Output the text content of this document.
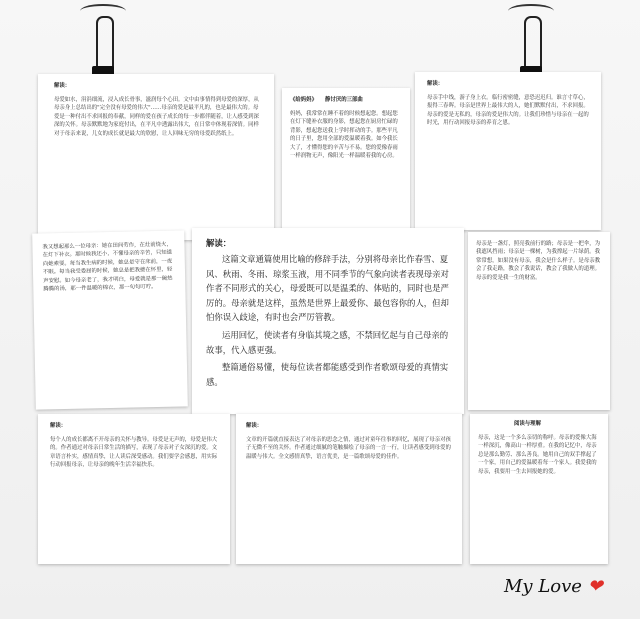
解读：
母爱如水，涓涓细流，浸入成长骨事，滋润每个心田。文中由事情得到母爱的深厚，从母亲身上总结出的"完全没有母爱的伟大"……母亲的爱是最平凡的，也是最伟大的。母爱是一种付出不求回报的奉献，同样的爱在孩子成长的每一步都伴随着，让人感受到深深的关怀。母亲默默地为家庭付出，在平凡中透露出伟大，在日常中体现着深情。同样对于母亲来说，儿女的成长就是最大的欣慰，让人回味无穷的母爱跃然纸上。
《给妈妈》　　静讨厌的三部曲
妈妈，我常常在睡不着的时候想起您。想起您在灯下缝补衣服的身影，想起您在厨房忙碌的背影，想起您送我上学时挥动的手。那些平凡的日子里，您用全部的爱温暖着我。如今我长大了，才懂得您的辛苦与不易。您的爱像春雨一样润物无声，像阳光一样温暖着我的心房。
解读：
母亲手中线，游子身上衣。临行密密缝，意恐迟迟归。谁言寸草心，报得三春晖。母亲是世界上最伟大的人，她们默默付出，不求回报。母亲的爱是无私的，母亲的爱是伟大的。让我们珍惜与母亲在一起的时光，用行动回报母亲的养育之恩。
我又想起那么一位母亲：她在田间劳作，在灶前烧火，在灯下补衣。那时候我还小，不懂母亲的辛苦，只知道向她索要。每当我生病的时候，她总是守在床前，一夜不眠。每当我受委屈的时候，她总是把我搂在怀里，轻声安慰。如今母亲老了，我才明白，母爱就是那一碗热腾腾的汤，那一件温暖的棉衣，那一句句叮咛。
母亲是一盏灯，照亮我前行的路；母亲是一把伞，为我遮风挡雨；母亲是一棵树，为我撑起一片绿荫。我常常想，如果没有母亲，我会是什么样子。是母亲教会了我走路，教会了我说话，教会了我做人的道理。母亲的爱是我一生的财富。
解读：
这篇文章通篇使用比喻的修辞手法，分别将母亲比作春雪、夏风、秋雨、冬雨、琼浆玉液，用不同季节的气象向读者表现母亲对作者不同形式的关心，母爱既可以是温柔的、体贴的，同时也是严厉的。母亲就是这样，虽然是世界上最爱你、最包容你的人，但却怕你误入歧途，有时也会严厉管教。
运用回忆，使读者有身临其境之感，不禁回忆起与自己母亲的故事，代入感更强。
整篇通俗易懂，使每位读者都能感受到作者歌颂母爱的真情实感。
解读：
每个人的成长都离不开母亲的关怀与教导。母爱是无声的，母爱是伟大的。作者通过对母亲日常生活的描写，表现了母亲对子女深沉的爱。文章语言朴实，感情真挚，让人读后深受感动。我们要学会感恩，用实际行动回报母亲，让母亲的晚年生活幸福快乐。
解读：
文章的开篇就直接表达了对母亲的思念之情，通过对童年往事的回忆，展现了母亲对孩子无微不至的关怀。作者通过细腻的笔触描绘了母亲的一言一行，让读者感受到母爱的温暖与伟大。全文感情真挚，语言优美，是一篇歌颂母爱的佳作。
阅读与理解
母亲，这是一个多么亲切的称呼。母亲的爱像大海一样深沉，像高山一样厚重。在我的记忆中，母亲总是那么勤劳、那么善良。她用自己的双手撑起了一个家，用自己的爱温暖着每一个家人。我爱我的母亲，我要用一生去回报她的爱。
My Love ❤
